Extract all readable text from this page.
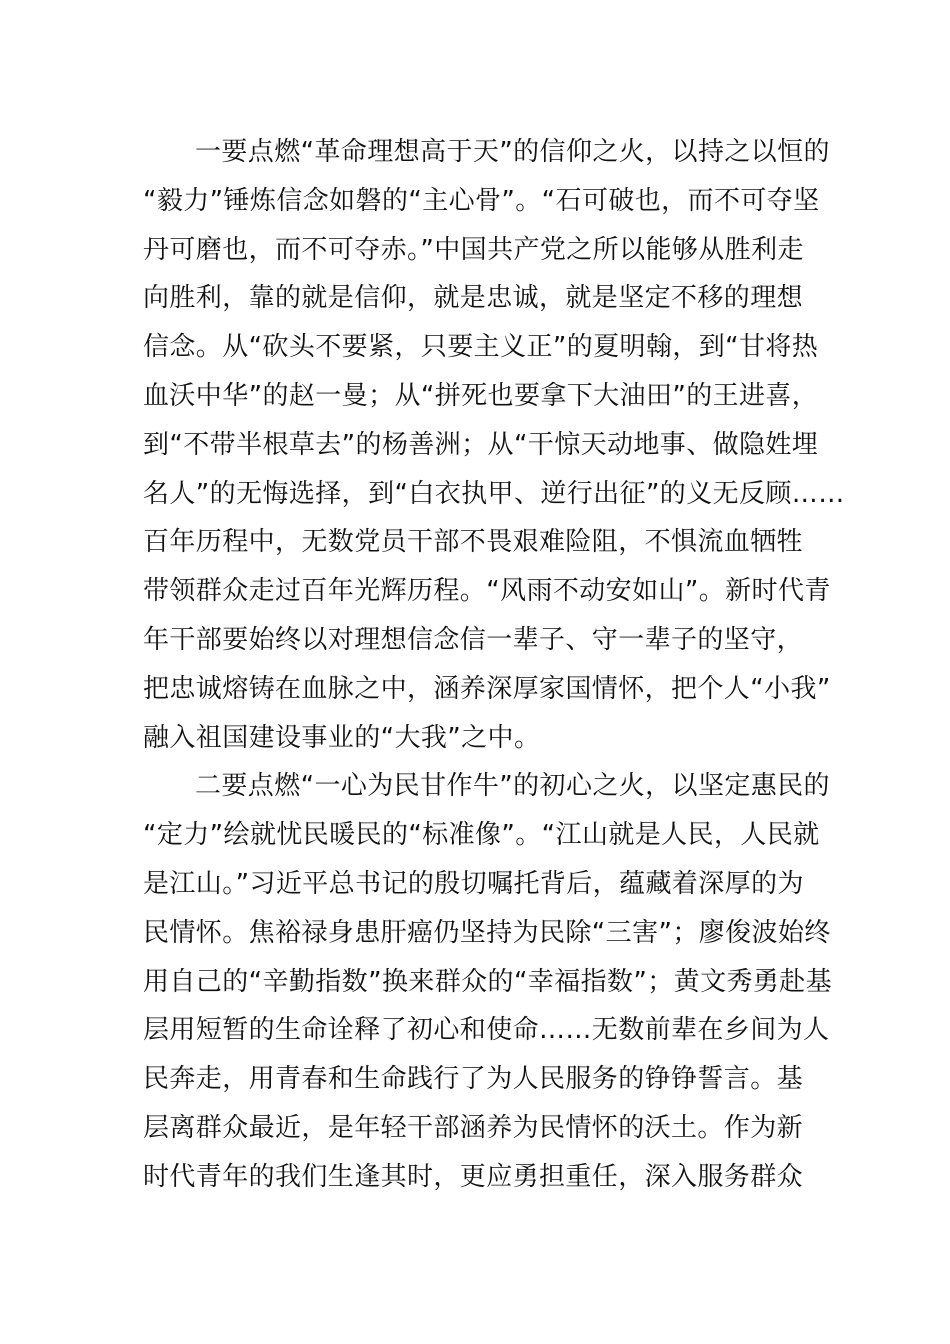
一要点燃“革命理想高于天”的信仰之火，以持之以恒的
“毅力”锤炼信念如磐的“主心骨”。“石可破也，而不可夺坚
丹可磨也，而不可夺赤。”中国共产党之所以能够从胜利走
向胜利，靠的就是信仰，就是忠诚，就是坚定不移的理想
信念。从“砍头不要紧，只要主义正”的夏明翰，到“甘将热
血沃中华”的赵一曼；从“拼死也要拿下大油田”的王进喜，
到“不带半根草去”的杨善洲；从“干惊天动地事、做隐姓埋
名人”的无悔选择，到“白衣执甲、逆行出征”的义无反顾……
百年历程中，无数党员干部不畏艰难险阻，不惧流血牺牲
带领群众走过百年光辉历程。“风雨不动安如山”。新时代青
年干部要始终以对理想信念信一辈子、守一辈子的坚守，
把忠诚熔铸在血脉之中，涵养深厚家国情怀，把个人“小我”
融入祖国建设事业的“大我”之中。
二要点燃“一心为民甘作牛”的初心之火，以坚定惠民的
“定力”绘就忧民暖民的“标准像”。“江山就是人民，人民就
是江山。”习近平总书记的殷切嘱托背后，蕴藏着深厚的为
民情怀。焦裕禄身患肝癌仍坚持为民除“三害”；廖俊波始终
用自己的“辛勤指数”换来群众的“幸福指数”；黄文秀勇赴基
层用短暂的生命诠释了初心和使命……无数前辈在乡间为人
民奔走，用青春和生命践行了为人民服务的铮铮誓言。基
层离群众最近，是年轻干部涵养为民情怀的沃土。作为新
时代青年的我们生逢其时，更应勇担重任，深入服务群众
